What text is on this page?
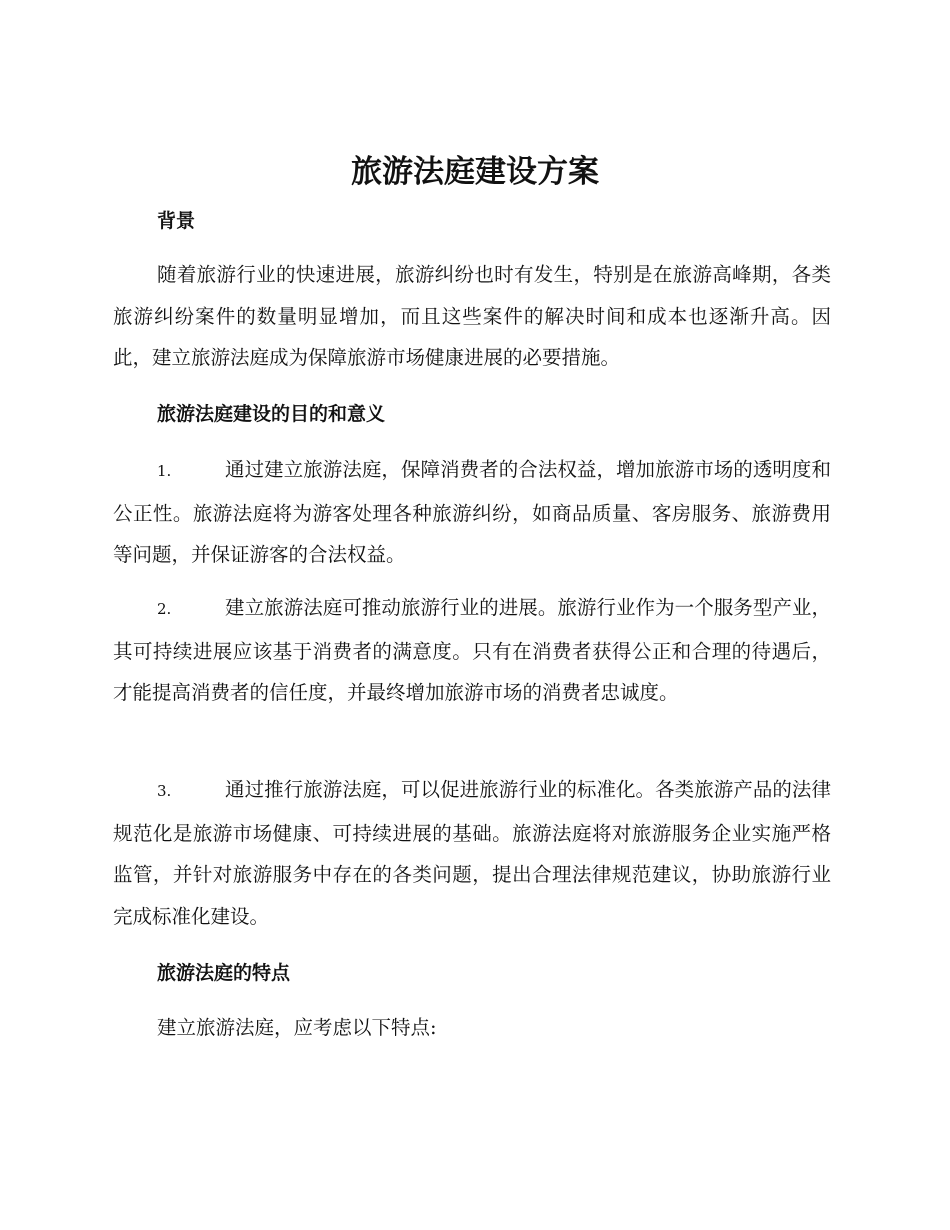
旅游法庭建设方案
背景

随着旅游行业的快速进展，旅游纠纷也时有发生，特别是在旅游高峰期，各类旅游纠纷案件的数量明显增加，而且这些案件的解决时间和成本也逐渐升高。因此，建立旅游法庭成为保障旅游市场健康进展的必要措施。

旅游法庭建设的目的和意义

1.	通过建立旅游法庭，保障消费者的合法权益，增加旅游市场的透明度和公正性。旅游法庭将为游客处理各种旅游纠纷，如商品质量、客房服务、旅游费用等问题，并保证游客的合法权益。

2.	建立旅游法庭可推动旅游行业的进展。旅游行业作为一个服务型产业，其可持续进展应该基于消费者的满意度。只有在消费者获得公正和合理的待遇后，才能提高消费者的信任度，并最终增加旅游市场的消费者忠诚度。

3.	通过推行旅游法庭，可以促进旅游行业的标准化。各类旅游产品的法律规范化是旅游市场健康、可持续进展的基础。旅游法庭将对旅游服务企业实施严格监管，并针对旅游服务中存在的各类问题，提出合理法律规范建议，协助旅游行业完成标准化建设。

旅游法庭的特点

建立旅游法庭，应考虑以下特点:
